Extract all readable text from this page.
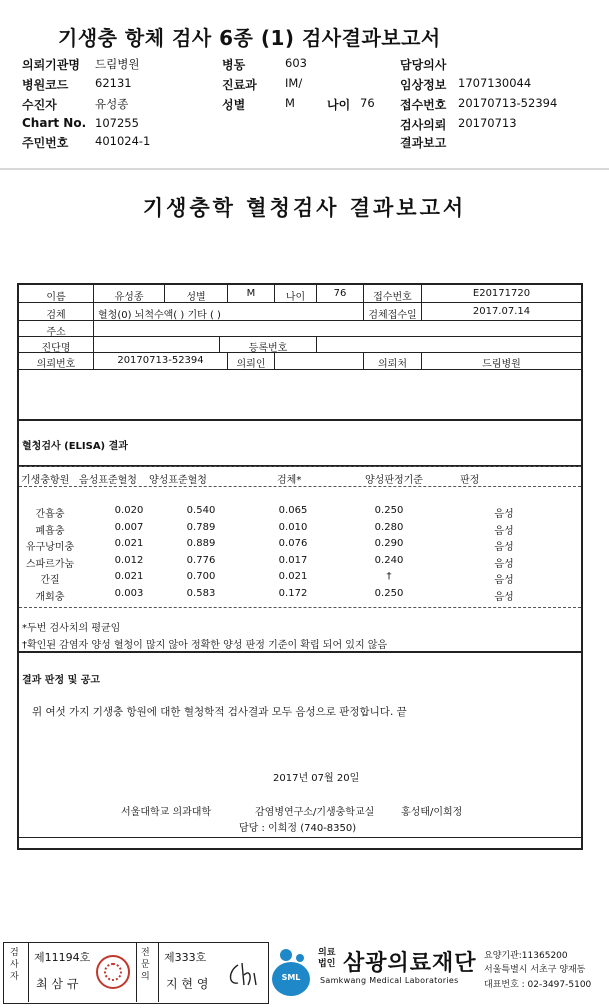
기생충 항체 검사 6종 (1) 검사결과보고서
의뢰기관명 드림병원
병원코드 62131
수진자	유성종
Chart No. 107255
주민번호 401024-1
병동	603
진료과 IM/
성별	M	나이 76
담당의사
임상정보 1707130044
접수번호 20170713-52394
검사의뢰 20170713
결과보고
기생충학 혈청검사 결과보고서
이름	유성종	성별	M	나이	76	접수번호	E20171720
검체	혈청(0) 뇌척수액( ) 기타 ( )	검체접수일	2017.07.14
주소
진단명	등록번호
의뢰번호	20170713-52394	의뢰인	의뢰처	드림병원
혈청검사 (ELISA) 결과
기생충항원 음성표준혈청 양성표준혈청	검체*	양성판정기준	판정
간흡충	0.020	0.540	0.065	0.250	음성
폐흡충	0.007	0.789	0.010	0.280	음성
유구낭미충	0.021	0.889	0.076	0.290	음성
스파르가눔	0.012	0.776	0.017	0.240	음성
간질	0.021	0.700	0.021	†	음성
개회충	0.003	0.583	0.172	0.250	음성
*두번 검사치의 평균임
†확인된 감염자 양성 혈청이 많지 않아 정확한 양성 판정 기준이 확립 되어 있지 않음
결과 판정 및 공고
위 여섯 가지 기생충 항원에 대한 혈청학적 검사결과 모두 음성으로 판정합니다. 끝
2017년 07월 20일
서울대학교 의과대학	감염병연구소/기생충학교실	홍성태/이희정
담당 : 이희정 (740-8350)
검사자
제11194호
최 삼 규
전문의
제333호
지 현 영	SML
의료
법인 삼광의료재단
Samkwang Medical Laboratories
요양기관:11365200
서울특별시 서초구 양재동
대표번호 : 02-3497-5100
